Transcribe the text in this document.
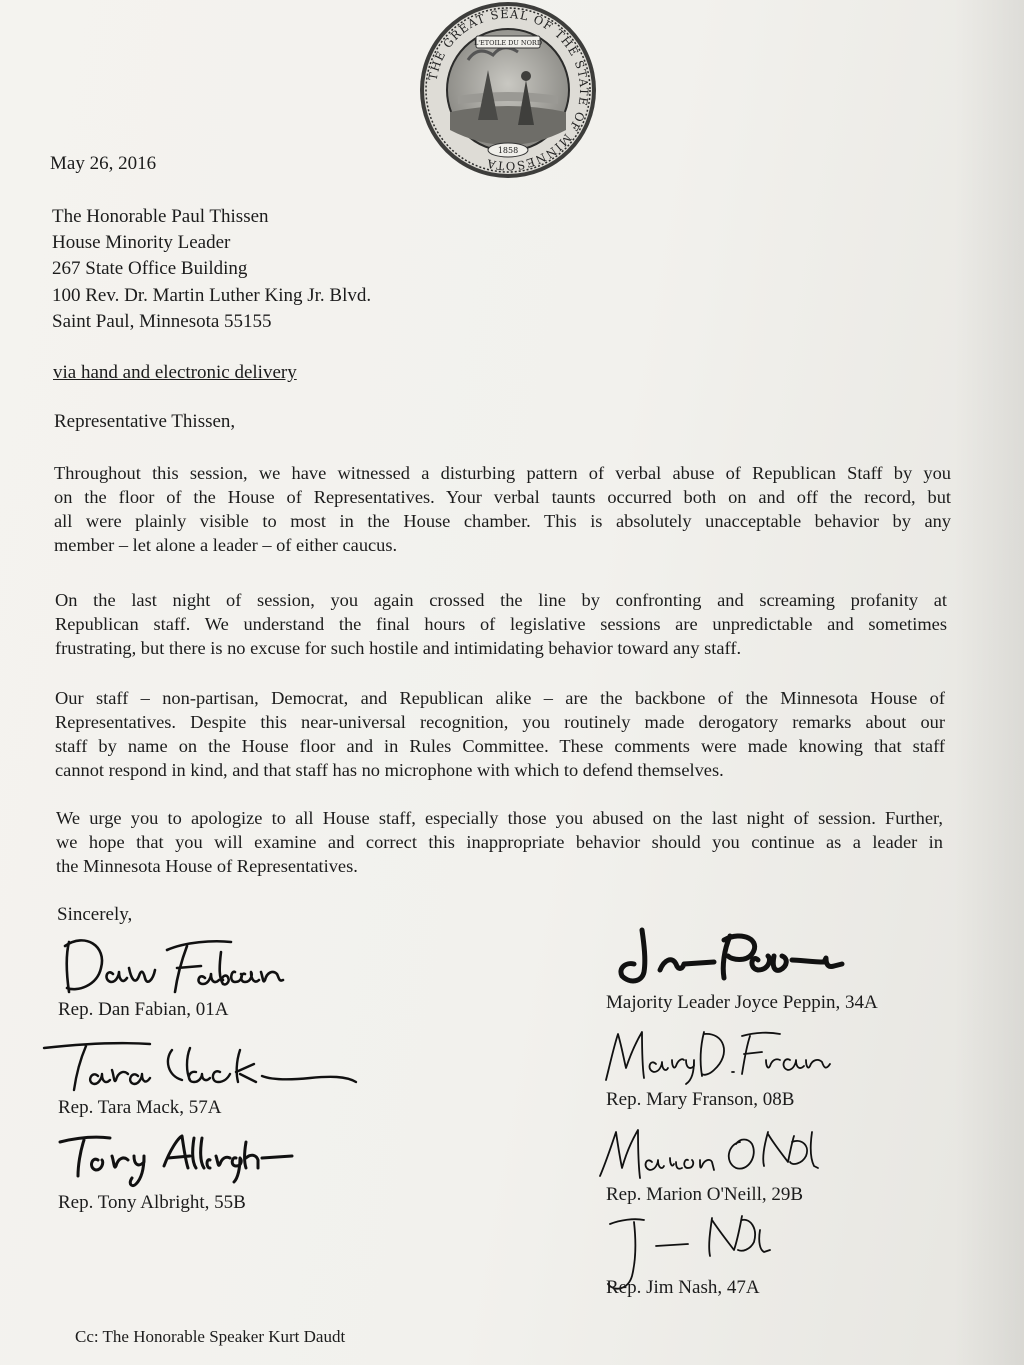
THE GREAT SEAL OF THE STATE OF MINNESOTA
L'ETOILE DU NORD
1858
May 26, 2016
The Honorable Paul Thissen
House Minority Leader
267 State Office Building
100 Rev. Dr. Martin Luther King Jr. Blvd.
Saint Paul, Minnesota 55155
via hand and electronic delivery
Representative Thissen,
Throughout this session, we have witnessed a disturbing pattern of verbal abuse of Republican Staff by you
on the floor of the House of Representatives. Your verbal taunts occurred both on and off the record, but
all were plainly visible to most in the House chamber. This is absolutely unacceptable behavior by any
member – let alone a leader – of either caucus.
On the last night of session, you again crossed the line by confronting and screaming profanity at
Republican staff. We understand the final hours of legislative sessions are unpredictable and sometimes
frustrating, but there is no excuse for such hostile and intimidating behavior toward any staff.
Our staff – non-partisan, Democrat, and Republican alike – are the backbone of the Minnesota House of
Representatives. Despite this near-universal recognition, you routinely made derogatory remarks about our
staff by name on the House floor and in Rules Committee. These comments were made knowing that staff
cannot respond in kind, and that staff has no microphone with which to defend themselves.
We urge you to apologize to all House staff, especially those you abused on the last night of session. Further,
we hope that you will examine and correct this inappropriate behavior should you continue as a leader in
the Minnesota House of Representatives.
Sincerely,
Rep. Dan Fabian, 01A
Rep. Tara Mack, 57A
Rep. Tony Albright, 55B
Majority Leader Joyce Peppin, 34A
Rep. Mary Franson, 08B
Rep. Marion O'Neill, 29B
Rep. Jim Nash, 47A
Cc: The Honorable Speaker Kurt Daudt
